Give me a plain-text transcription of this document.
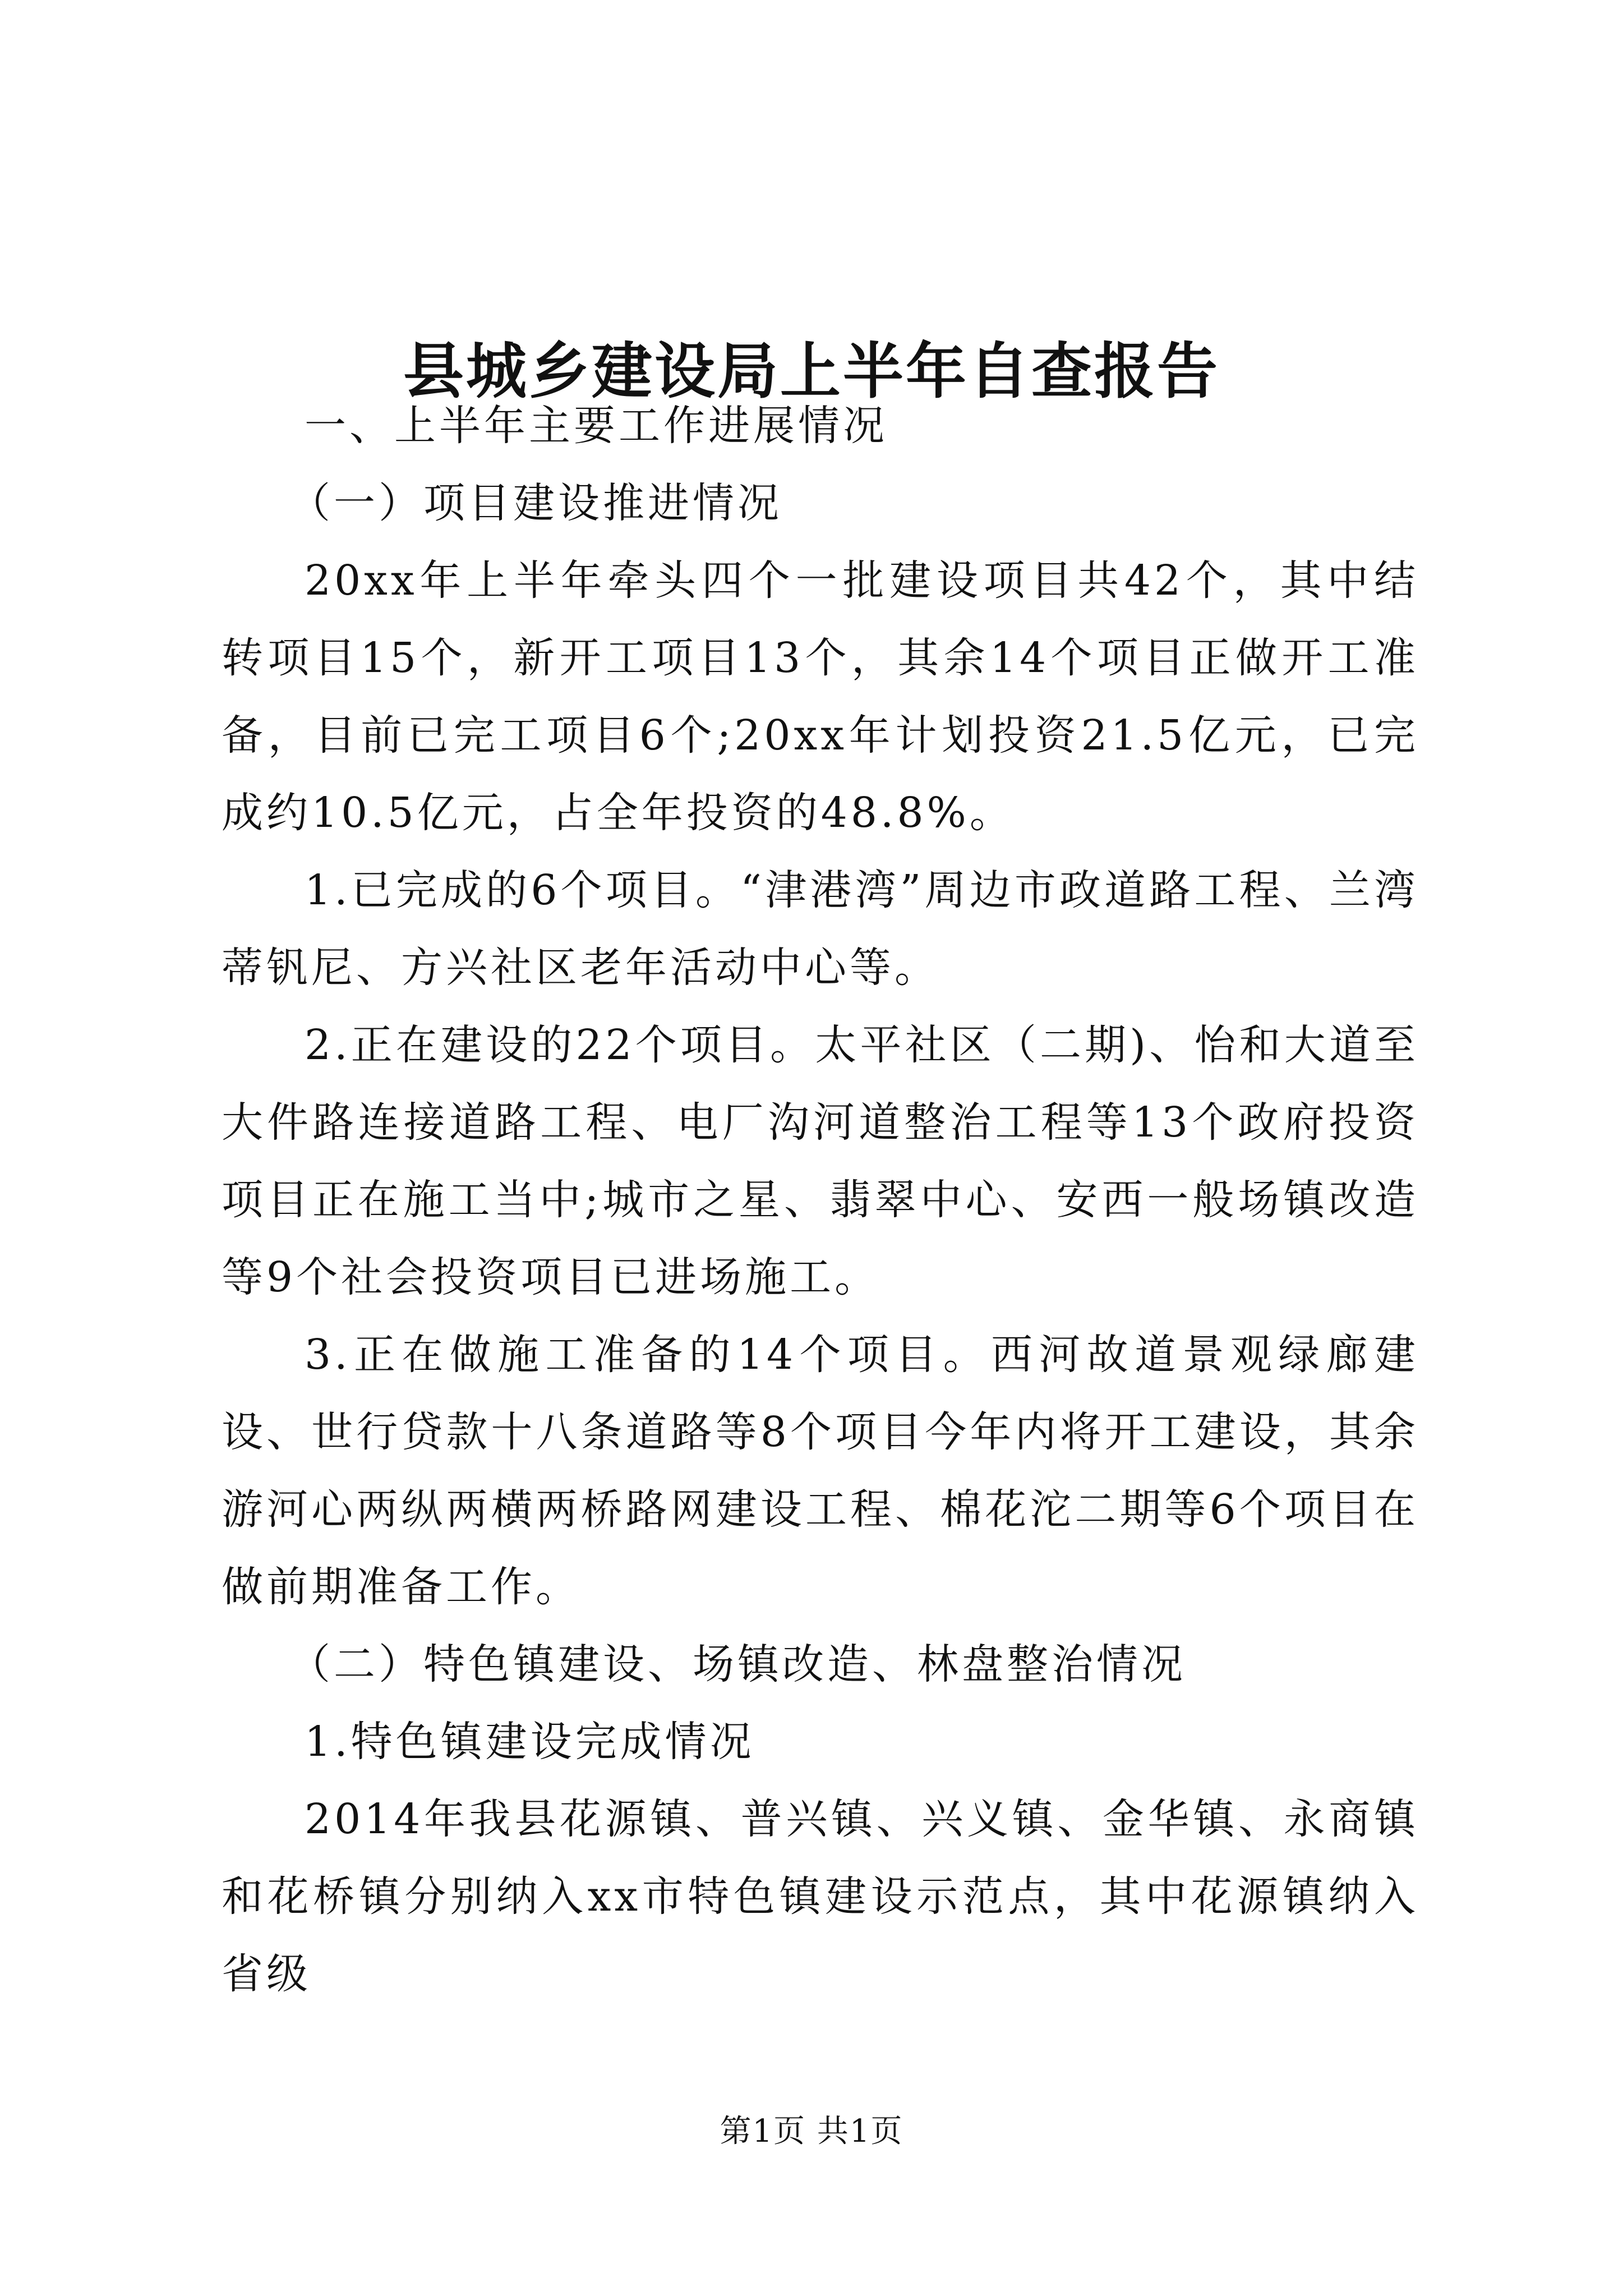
县城乡建设局上半年自查报告

一、上半年主要工作进展情况

（一）项目建设推进情况

20xx年上半年牵头四个一批建设项目共42个，其中结转项目15个，新开工项目13个，其余14个项目正做开工准备，目前已完工项目6个;20xx年计划投资21.5亿元，已完成约10.5亿元，占全年投资的48.8%。

1.已完成的6个项目。“津港湾”周边市政道路工程、兰湾蒂钒尼、方兴社区老年活动中心等。

2.正在建设的22个项目。太平社区（二期)、怡和大道至大件路连接道路工程、电厂沟河道整治工程等13个政府投资项目正在施工当中;城市之星、翡翠中心、安西一般场镇改造等9个社会投资项目已进场施工。

3.正在做施工准备的14个项目。西河故道景观绿廊建设、世行贷款十八条道路等8个项目今年内将开工建设，其余游河心两纵两横两桥路网建设工程、棉花沱二期等6个项目在做前期准备工作。

（二）特色镇建设、场镇改造、林盘整治情况

1.特色镇建设完成情况

2014年我县花源镇、普兴镇、兴义镇、金华镇、永商镇和花桥镇分别纳入xx市特色镇建设示范点，其中花源镇纳入省级

第1页 共1页
